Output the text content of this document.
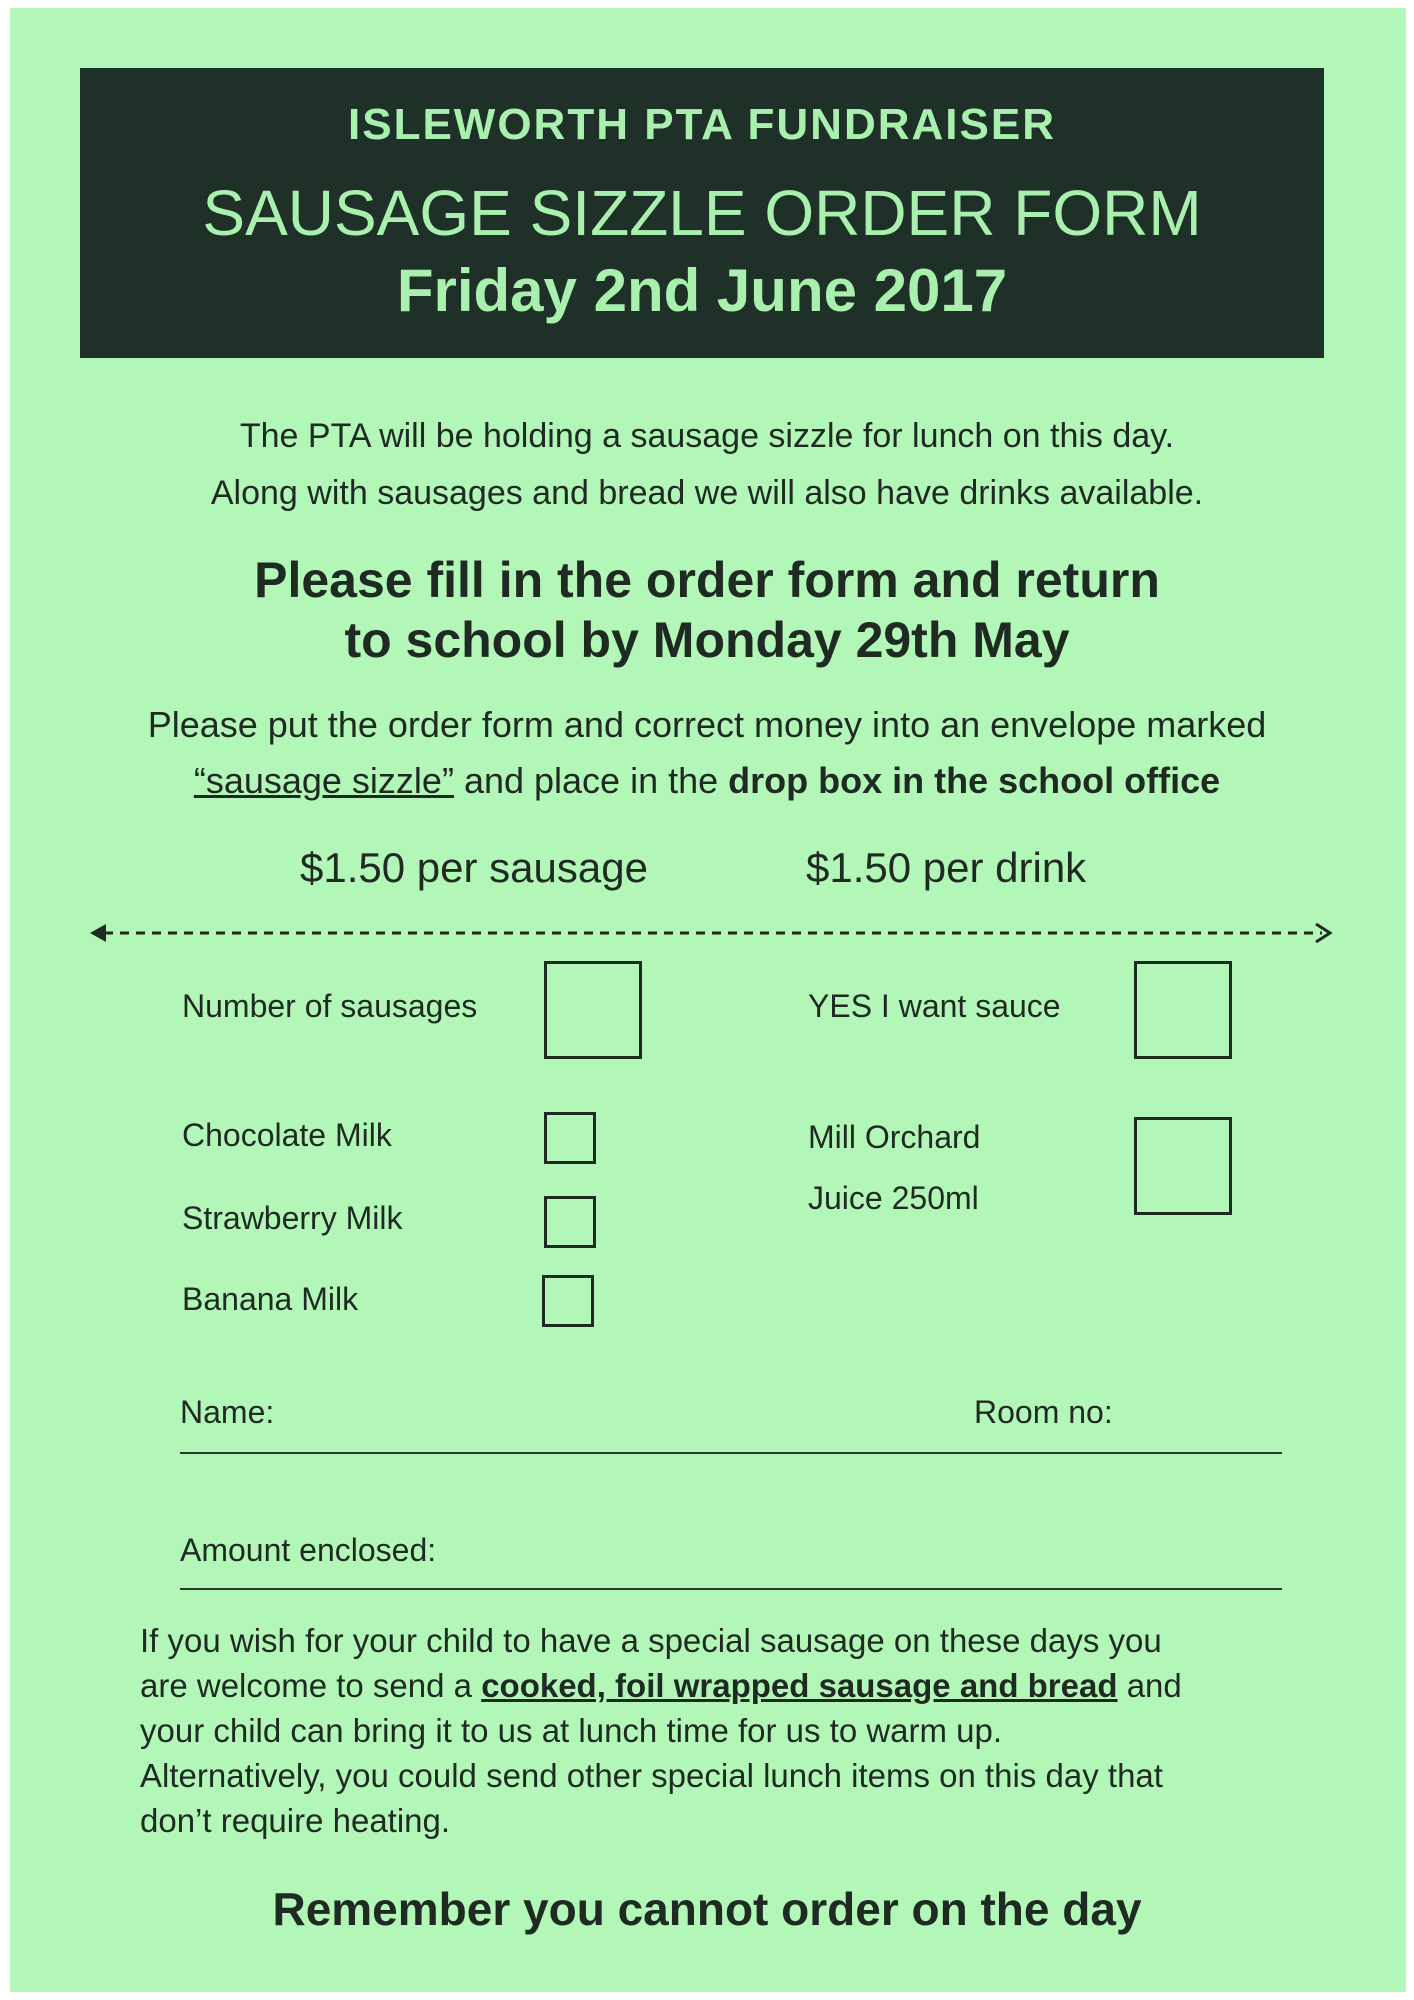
ISLEWORTH PTA FUNDRAISER
SAUSAGE SIZZLE ORDER FORM
Friday 2nd June 2017
The PTA will be holding a sausage sizzle for lunch on this day.
Along with sausages and bread we will also have drinks available.
Please fill in the order form and return
to school by Monday 29th May
Please put the order form and correct money into an envelope marked
“sausage sizzle” and place in the drop box in the school office
$1.50 per sausage	$1.50 per drink
Number of sausages	YES I want sauce
Chocolate Milk
Strawberry Milk
Banana Milk
Mill Orchard
Juice 250ml
Name:	Room no:
Amount enclosed:
If you wish for your child to have a special sausage on these days you
are welcome to send a cooked, foil wrapped sausage and bread and
your child can bring it to us at lunch time for us to warm up.
Alternatively, you could send other special lunch items on this day that
don’t require heating.
Remember you cannot order on the day
